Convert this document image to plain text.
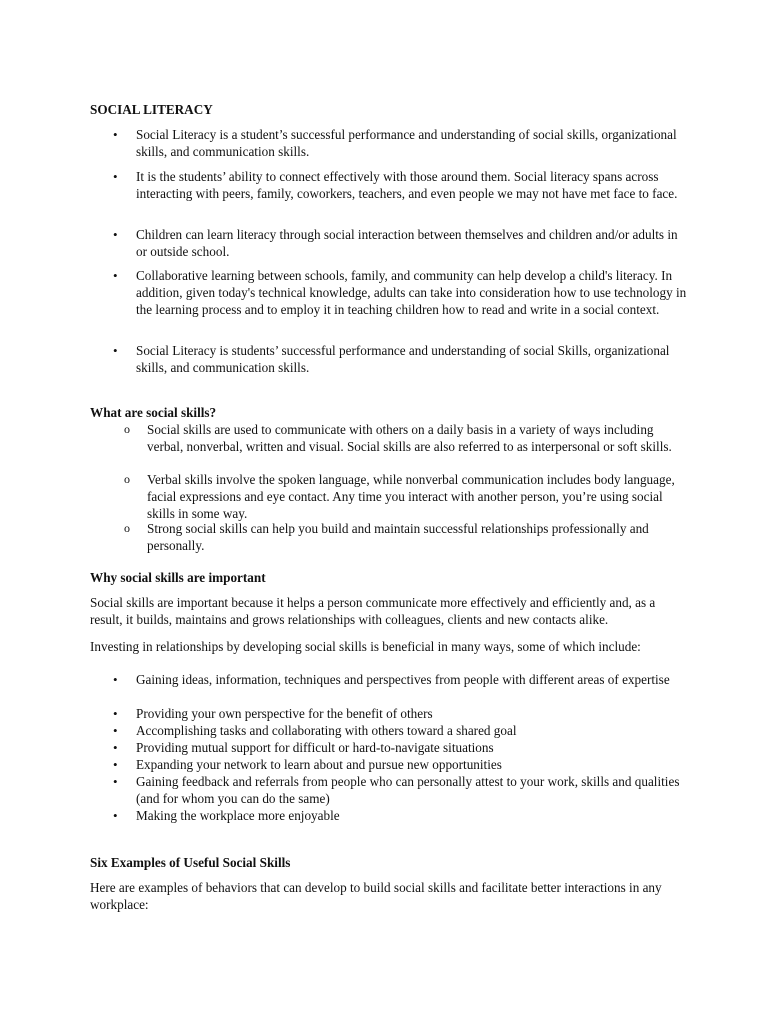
SOCIAL LITERACY
• Social Literacy is a student’s successful performance and understanding of social skills, organizational skills, and communication skills.
• It is the students’ ability to connect effectively with those around them. Social literacy spans across interacting with peers, family, coworkers, teachers, and even people we may not have met face to face.
• Children can learn literacy through social interaction between themselves and children and/or adults in or outside school.
• Collaborative learning between schools, family, and community can help develop a child's literacy. In addition, given today's technical knowledge, adults can take into consideration how to use technology in the learning process and to employ it in teaching children how to read and write in a social context.
• Social Literacy is students’ successful performance and understanding of social Skills, organizational skills, and communication skills.
What are social skills?
o Social skills are used to communicate with others on a daily basis in a variety of ways including verbal, nonverbal, written and visual. Social skills are also referred to as interpersonal or soft skills.
o Verbal skills involve the spoken language, while nonverbal communication includes body language, facial expressions and eye contact. Any time you interact with another person, you’re using social skills in some way.
o Strong social skills can help you build and maintain successful relationships professionally and personally.
Why social skills are important

Social skills are important because it helps a person communicate more effectively and efficiently and, as a result, it builds, maintains and grows relationships with colleagues, clients and new contacts alike.

Investing in relationships by developing social skills is beneficial in many ways, some of which include:

• Gaining ideas, information, techniques and perspectives from people with different areas of expertise
• Providing your own perspective for the benefit of others
• Accomplishing tasks and collaborating with others toward a shared goal
• Providing mutual support for difficult or hard-to-navigate situations
• Expanding your network to learn about and pursue new opportunities
• Gaining feedback and referrals from people who can personally attest to your work, skills and qualities (and for whom you can do the same)
• Making the workplace more enjoyable
Six Examples of Useful Social Skills

Here are examples of behaviors that can develop to build social skills and facilitate better interactions in any workplace:
